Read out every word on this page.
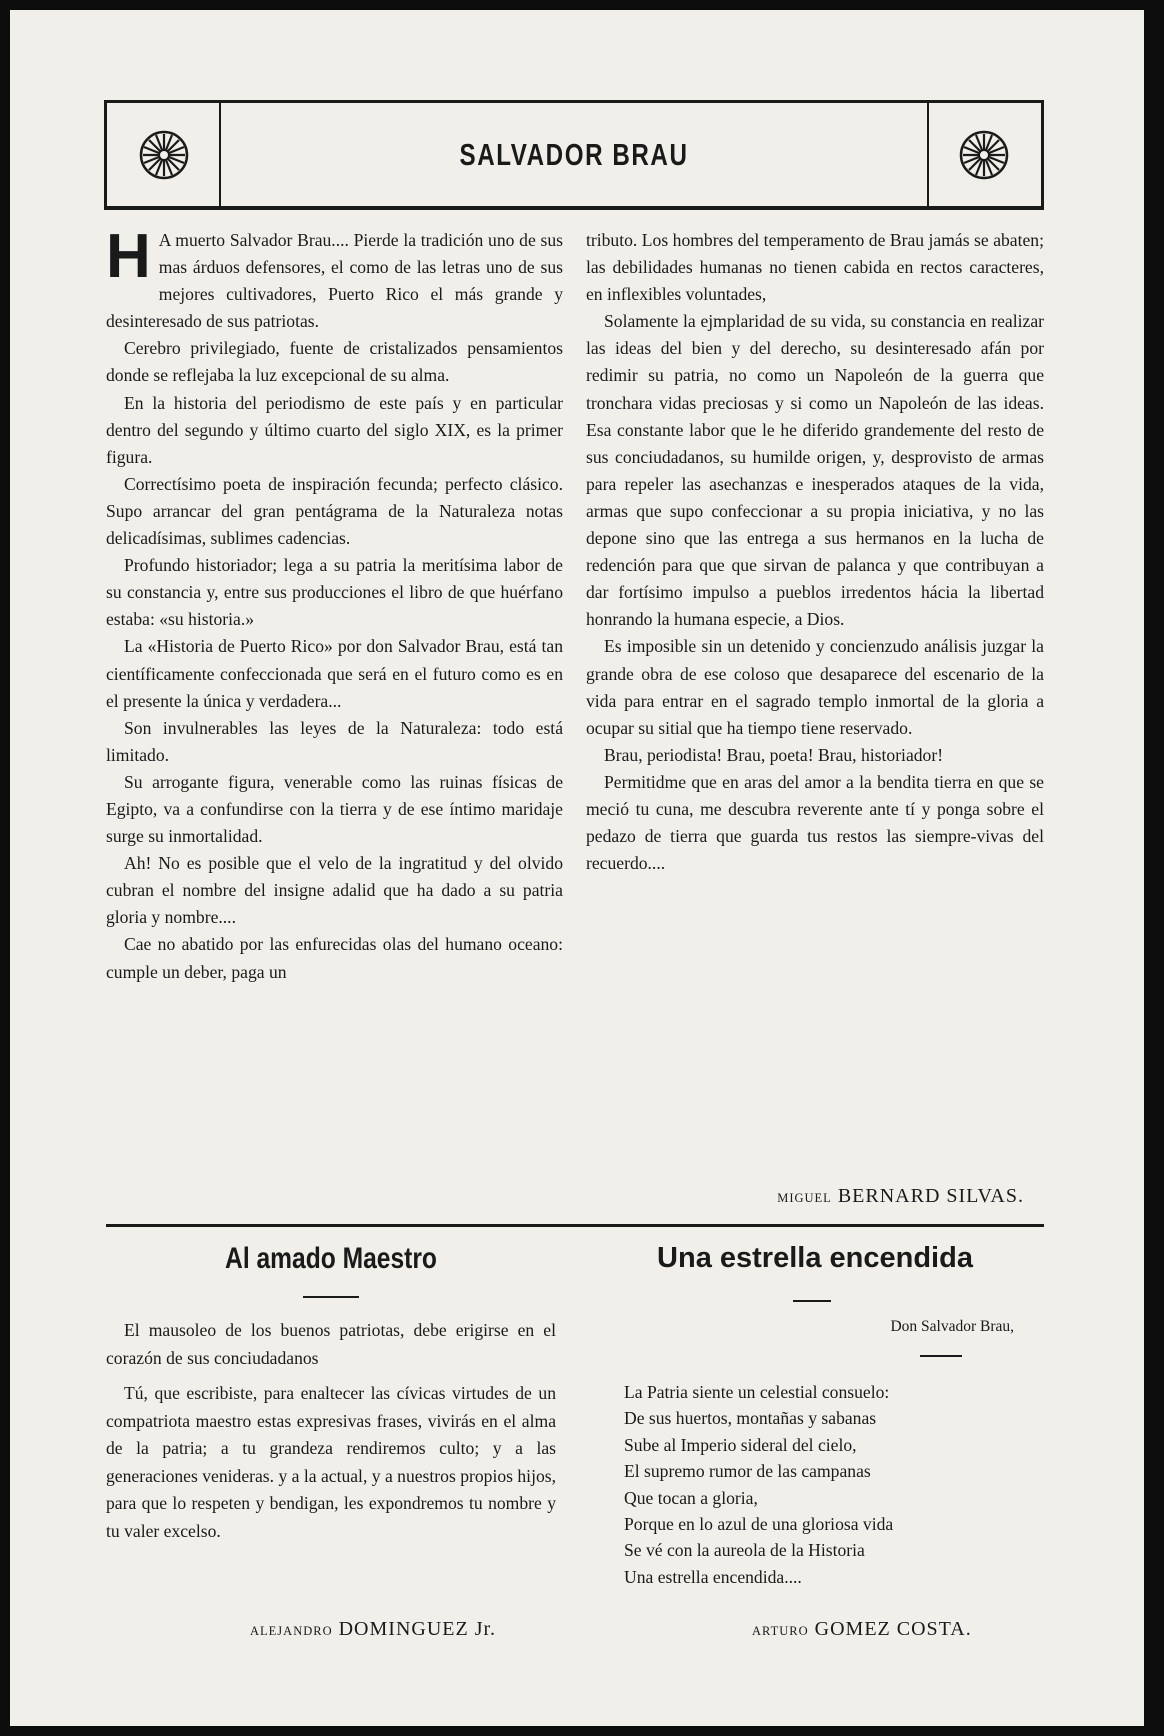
SALVADOR BRAU

H A muerto Salvador Brau.... Pierde la tradición uno de sus mas árduos defensores, el como de las letras uno de sus mejores cultivadores, Puerto Rico el más grande y desinteresado de sus patriotas.

Cerebro privilegiado, fuente de cristalizados pensamientos donde se reflejaba la luz excepcional de su alma.

En la historia del periodismo de este país y en particular dentro del segundo y último cuarto del siglo XIX, es la primer figura.

Correctísimo poeta de inspiración fecunda; perfecto clásico. Supo arrancar del gran pentágrama de la Naturaleza notas delicadísimas, sublimes cadencias.

Profundo historiador; lega a su patria la meritísima labor de su constancia y, entre sus producciones el libro de que huérfano estaba: «su historia.»

La «Historia de Puerto Rico» por don Salvador Brau, está tan científicamente confeccionada que será en el futuro como es en el presente la única y verdadera...

Son invulnerables las leyes de la Naturaleza: todo está limitado.

Su arrogante figura, venerable como las ruinas físicas de Egipto, va a confundirse con la tierra y de ese íntimo maridaje surge su inmortalidad.

Ah! No es posible que el velo de la ingratitud y del olvido cubran el nombre del insigne adalid que ha dado a su patria gloria y nombre....

Cae no abatido por las enfurecidas olas del humano oceano: cumple un deber, paga un

tributo. Los hombres del temperamento de Brau jamás se abaten; las debilidades humanas no tienen cabida en rectos caracteres, en inflexibles voluntades,

Solamente la ejmplaridad de su vida, su constancia en realizar las ideas del bien y del derecho, su desinteresado afán por redimir su patria, no como un Napoleón de la guerra que tronchara vidas preciosas y si como un Napoleón de las ideas. Esa constante labor que le he diferido grandemente del resto de sus conciudadanos, su humilde origen, y, desprovisto de armas para repeler las asechanzas e inesperados ataques de la vida, armas que supo confeccionar a su propia iniciativa, y no las depone sino que las entrega a sus hermanos en la lucha de redención para que que sirvan de palanca y que contribuyan a dar fortísimo impulso a pueblos irredentos hácia la libertad honrando la humana especie, a Dios.

Es imposible sin un detenido y concienzudo análisis juzgar la grande obra de ese coloso que desaparece del escenario de la vida para entrar en el sagrado templo inmortal de la gloria a ocupar su sitial que ha tiempo tiene reservado.

Brau, periodista! Brau, poeta! Brau, historiador!

Permitidme que en aras del amor a la bendita tierra en que se meció tu cuna, me descubra reverente ante tí y ponga sobre el pedazo de tierra que guarda tus restos las siempre-vivas del recuerdo....

MIGUEL BERNARD SILVAS.
Al amado Maestro

El mausoleo de los buenos patriotas, debe erigirse en el corazón de sus conciudadanos

Tú, que escribiste, para enaltecer las cívicas virtudes de un compatriota maestro estas expresivas frases, vivirás en el alma de la patria; a tu grandeza rendiremos culto; y a las generaciones venideras. y a la actual, y a nuestros propios hijos, para que lo respeten y bendigan, les expondremos tu nombre y tu valer excelso.

ALEJANDRO DOMINGUEZ Jr.
Una estrella encendida
Don Salvador Brau,
La Patria siente un celestial consuelo:
De sus huertos, montañas y sabanas
Sube al Imperio sideral del cielo,
El supremo rumor de las campanas
Que tocan a gloria,
Porque en lo azul de una gloriosa vida
Se vé con la aureola de la Historia
Una estrella encendida....
ARTURO GOMEZ COSTA.
